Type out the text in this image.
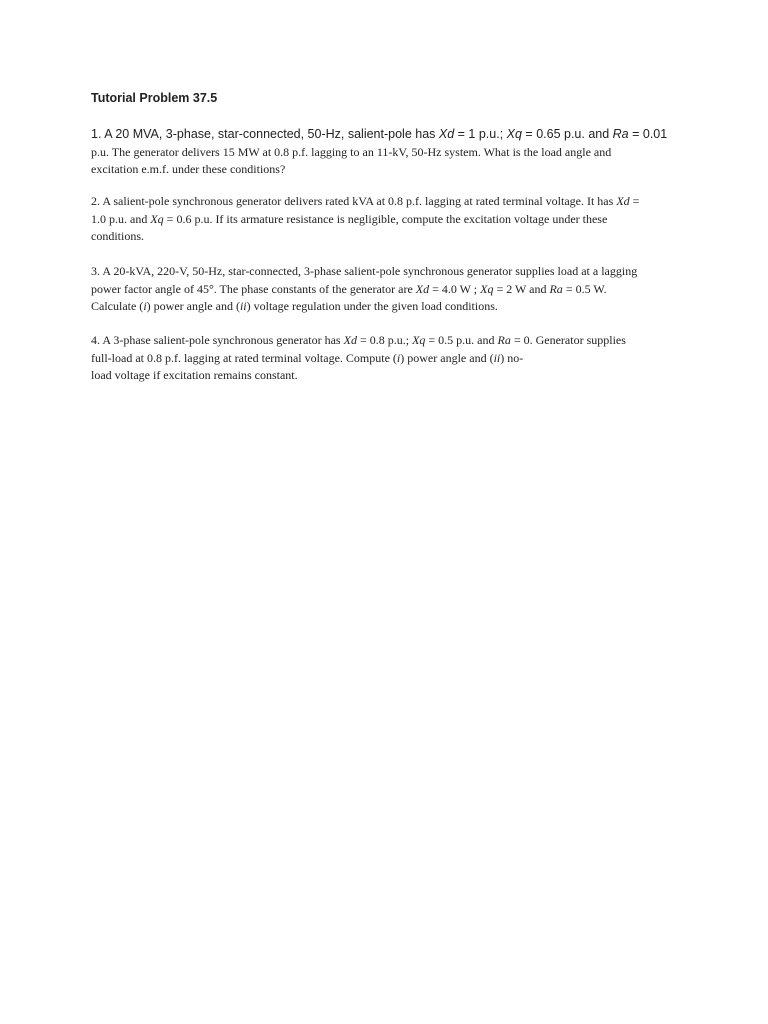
Tutorial Problem 37.5
1. A 20 MVA, 3-phase, star-connected, 50-Hz, salient-pole has Xd = 1 p.u.; Xq = 0.65 p.u. and Ra = 0.01
p.u. The generator delivers 15 MW at 0.8 p.f. lagging to an 11-kV, 50-Hz system. What is the load angle and
excitation e.m.f. under these conditions?
2. A salient-pole synchronous generator delivers rated kVA at 0.8 p.f. lagging at rated terminal voltage. It has Xd =
1.0 p.u. and Xq = 0.6 p.u. If its armature resistance is negligible, compute the excitation voltage under these
conditions.
3. A 20-kVA, 220-V, 50-Hz, star-connected, 3-phase salient-pole synchronous generator supplies load at a lagging
power factor angle of 45°. The phase constants of the generator are Xd = 4.0 W ; Xq = 2 W and Ra = 0.5 W.
Calculate (i) power angle and (ii) voltage regulation under the given load conditions.
4. A 3-phase salient-pole synchronous generator has Xd = 0.8 p.u.; Xq = 0.5 p.u. and Ra = 0. Generator supplies
full-load at 0.8 p.f. lagging at rated terminal voltage. Compute (i) power angle and (ii) no-
load voltage if excitation remains constant.
